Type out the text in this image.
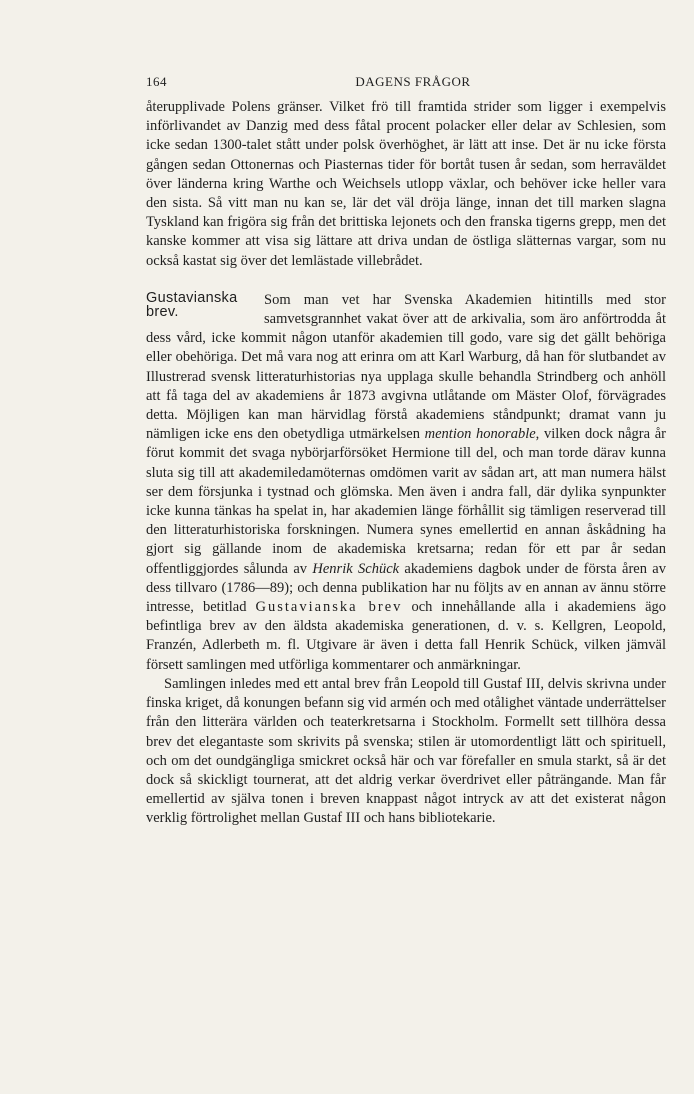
164	DAGENS FRÅGOR

återupplivade Polens gränser. Vilket frö till framtida strider som ligger i exempelvis införlivandet av Danzig med dess fåtal procent polacker eller delar av Schlesien, som icke sedan 1300-talet stått under polsk överhöghet, är lätt att inse. Det är nu icke första gången sedan Ottonernas och Piasternas tider för bortåt tusen år sedan, som herraväldet över länderna kring Warthe och Weichsels utlopp växlar, och behöver icke heller vara den sista. Så vitt man nu kan se, lär det väl dröja länge, innan det till marken slagna Tyskland kan frigöra sig från det brittiska lejonets och den franska tigerns grepp, men det kanske kommer att visa sig lättare att driva undan de östliga slätternas vargar, som nu också kastat sig över det lemlästade villebrådet.

Gustavianska brev.
Som man vet har Svenska Akademien hitintills med stor samvetsgrannhet vakat över att de arkivalia, som äro anförtrodda åt dess vård, icke kommit någon utanför akademien till godo, vare sig det gällt behöriga eller obehöriga. Det må vara nog att erinra om att Karl Warburg, då han för slutbandet av Illustrerad svensk litteraturhistorias nya upplaga skulle behandla Strindberg och anhöll att få taga del av akademiens år 1873 avgivna utlåtande om Mäster Olof, förvägrades detta. Möjligen kan man härvidlag förstå akademiens ståndpunkt; dramat vann ju nämligen icke ens den obetydliga utmärkelsen mention honorable, vilken dock några år förut kommit det svaga nybörjarförsöket Hermione till del, och man torde därav kunna sluta sig till att akademiledamöternas omdömen varit av sådan art, att man numera hälst ser dem försjunka i tystnad och glömska. Men även i andra fall, där dylika synpunkter icke kunna tänkas ha spelat in, har akademien länge förhållit sig tämligen reserverad till den litteraturhistoriska forskningen. Numera synes emellertid en annan åskådning ha gjort sig gällande inom de akademiska kretsarna; redan för ett par år sedan offentliggjordes sålunda av Henrik Schück akademiens dagbok under de första åren av dess tillvaro (1786—89); och denna publikation har nu följts av en annan av ännu större intresse, betitlad Gustavianska brev och innehållande alla i akademiens ägo befintliga brev av den äldsta akademiska generationen, d. v. s. Kellgren, Leopold, Franzén, Adlerbeth m. fl. Utgivare är även i detta fall Henrik Schück, vilken jämväl försett samlingen med utförliga kommentarer och anmärkningar.

Samlingen inledes med ett antal brev från Leopold till Gustaf III, delvis skrivna under finska kriget, då konungen befann sig vid armén och med otålighet väntade underrättelser från den litterära världen och teaterkretsarna i Stockholm. Formellt sett tillhöra dessa brev det elegantaste som skrivits på svenska; stilen är utomordentligt lätt och spirituell, och om det oundgängliga smickret också här och var förefaller en smula starkt, så är det dock så skickligt tournerat, att det aldrig verkar överdrivet eller påträngande. Man får emellertid av själva tonen i breven knappast något intryck av att det existerat någon verklig förtrolighet mellan Gustaf III och hans bibliotekarie.
